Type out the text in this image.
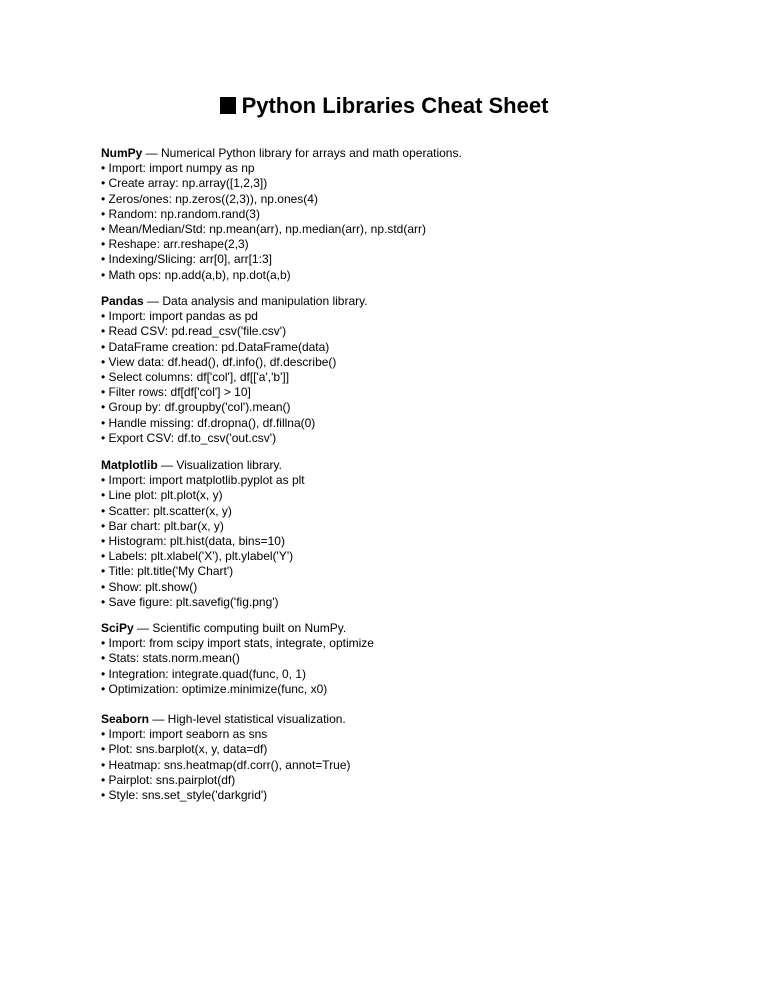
Python Libraries Cheat Sheet
NumPy — Numerical Python library for arrays and math operations.
• Import: import numpy as np
• Create array: np.array([1,2,3])
• Zeros/ones: np.zeros((2,3)), np.ones(4)
• Random: np.random.rand(3)
• Mean/Median/Std: np.mean(arr), np.median(arr), np.std(arr)
• Reshape: arr.reshape(2,3)
• Indexing/Slicing: arr[0], arr[1:3]
• Math ops: np.add(a,b), np.dot(a,b)
Pandas — Data analysis and manipulation library.
• Import: import pandas as pd
• Read CSV: pd.read_csv('file.csv')
• DataFrame creation: pd.DataFrame(data)
• View data: df.head(), df.info(), df.describe()
• Select columns: df['col'], df[['a','b']]
• Filter rows: df[df['col'] > 10]
• Group by: df.groupby('col').mean()
• Handle missing: df.dropna(), df.fillna(0)
• Export CSV: df.to_csv('out.csv')
Matplotlib — Visualization library.
• Import: import matplotlib.pyplot as plt
• Line plot: plt.plot(x, y)
• Scatter: plt.scatter(x, y)
• Bar chart: plt.bar(x, y)
• Histogram: plt.hist(data, bins=10)
• Labels: plt.xlabel('X'), plt.ylabel('Y')
• Title: plt.title('My Chart')
• Show: plt.show()
• Save figure: plt.savefig('fig.png')
SciPy — Scientific computing built on NumPy.
• Import: from scipy import stats, integrate, optimize
• Stats: stats.norm.mean()
• Integration: integrate.quad(func, 0, 1)
• Optimization: optimize.minimize(func, x0)
Seaborn — High-level statistical visualization.
• Import: import seaborn as sns
• Plot: sns.barplot(x, y, data=df)
• Heatmap: sns.heatmap(df.corr(), annot=True)
• Pairplot: sns.pairplot(df)
• Style: sns.set_style('darkgrid')
